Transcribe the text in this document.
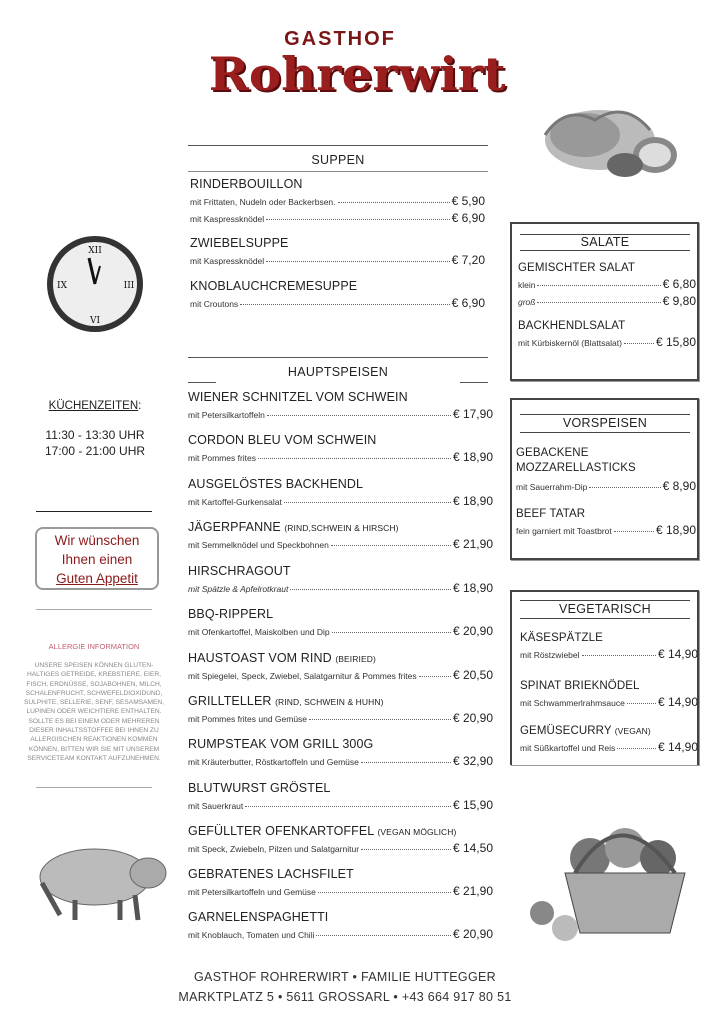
GASTHOF
Rohrerwirt
XII
III
VI
IX
SUPPEN
RINDERBOUILLON
mit Frittaten, Nudeln oder Backerbsen.	€ 5,90
mit Kaspressknödel	€ 6,90
ZWIEBELSUPPE
mit Kaspressknödel	€ 7,20
KNOBLAUCHCREMESUPPE
mit Croutons	€ 6,90
HAUPTSPEISEN
WIENER SCHNITZEL VOM SCHWEIN
mit Petersilkartoffeln	€ 17,90
CORDON BLEU VOM SCHWEIN
mit Pommes frites	€ 18,90
AUSGELÖSTES BACKHENDL
mit Kartoffel-Gurkensalat	€ 18,90
JÄGERPFANNE (RIND,SCHWEIN & HIRSCH)
mit Semmelknödel und Speckbohnen	€ 21,90
HIRSCHRAGOUT
mit Spätzle & Apfelrotkraut	€ 18,90
BBQ-RIPPERL
mit Ofenkartoffel, Maiskolben und Dip	€ 20,90
HAUSTOAST VOM RIND (BEIRIED)
mit Spiegelei, Speck, Zwiebel, Salatgarnitur & Pommes frites	€ 20,50
GRILLTELLER (RIND, SCHWEIN & HUHN)
mit Pommes frites und Gemüse	€ 20,90
RUMPSTEAK VOM GRILL 300G
mit Kräuterbutter, Röstkartoffeln und Gemüse	€ 32,90
BLUTWURST GRÖSTEL
mit Sauerkraut	€ 15,90
GEFÜLLTER OFENKARTOFFEL (VEGAN MÖGLICH)
mit Speck, Zwiebeln, Pilzen und Salatgarnitur	€ 14,50
GEBRATENES LACHSFILET
mit Petersilkartoffeln und Gemüse	€ 21,90
GARNELENSPAGHETTI
mit Knoblauch, Tomaten und Chili	€ 20,90
SALATE
GEMISCHTER SALAT
klein	€ 6,80
groß	€ 9,80
BACKHENDLSALAT
mit Kürbiskernöl (Blattsalat)	€ 15,80
VORSPEISEN
GEBACKENE MOZZARELLASTICKS
mit Sauerrahm-Dip	€ 8,90
BEEF TATAR
fein garniert mit Toastbrot	€ 18,90
VEGETARISCH
KÄSESPÄTZLE
mit Röstzwiebel	€ 14,90
SPINAT BRIEKNÖDEL
mit Schwammerlrahmsauce	€ 14,90
GEMÜSECURRY (VEGAN)
mit Süßkartoffel und Reis	€ 14,90
KÜCHENZEITEN:
11:30 - 13:30 UHR
17:00 - 21:00 UHR
Wir wünschen
Ihnen einen
Guten Appetit
ALLERGIE INFORMATION
UNSERE SPEISEN KÖNNEN GLUTEN-HALTIGES GETREIDE, KREBSTIERE, EIER, FISCH, ERDNÜSSE, SOJABOHNEN, MILCH, SCHALENFRUCHT, SCHWEFELDIOXIDUND, SULPHITE, SELLERIE, SENF, SESAMSAMEN, LUPINEN ODER WEICHTIERE ENTHALTEN. SOLLTE ES BEI EINEM ODER MEHREREN DIESER INHALTSSTOFFEE BEI IHNEN ZU ALLERGISCHEN REAKTIONEN KOMMEN KÖNNEN, BITTEN WIR SIE MIT UNSEREM SERVICETEAM KONTAKT AUFZUNEHMEN.
GASTHOF ROHRERWIRT • FAMILIE HUTTEGGER
MARKTPLATZ 5 • 5611 GROSSARL • +43 664 917 80 51
